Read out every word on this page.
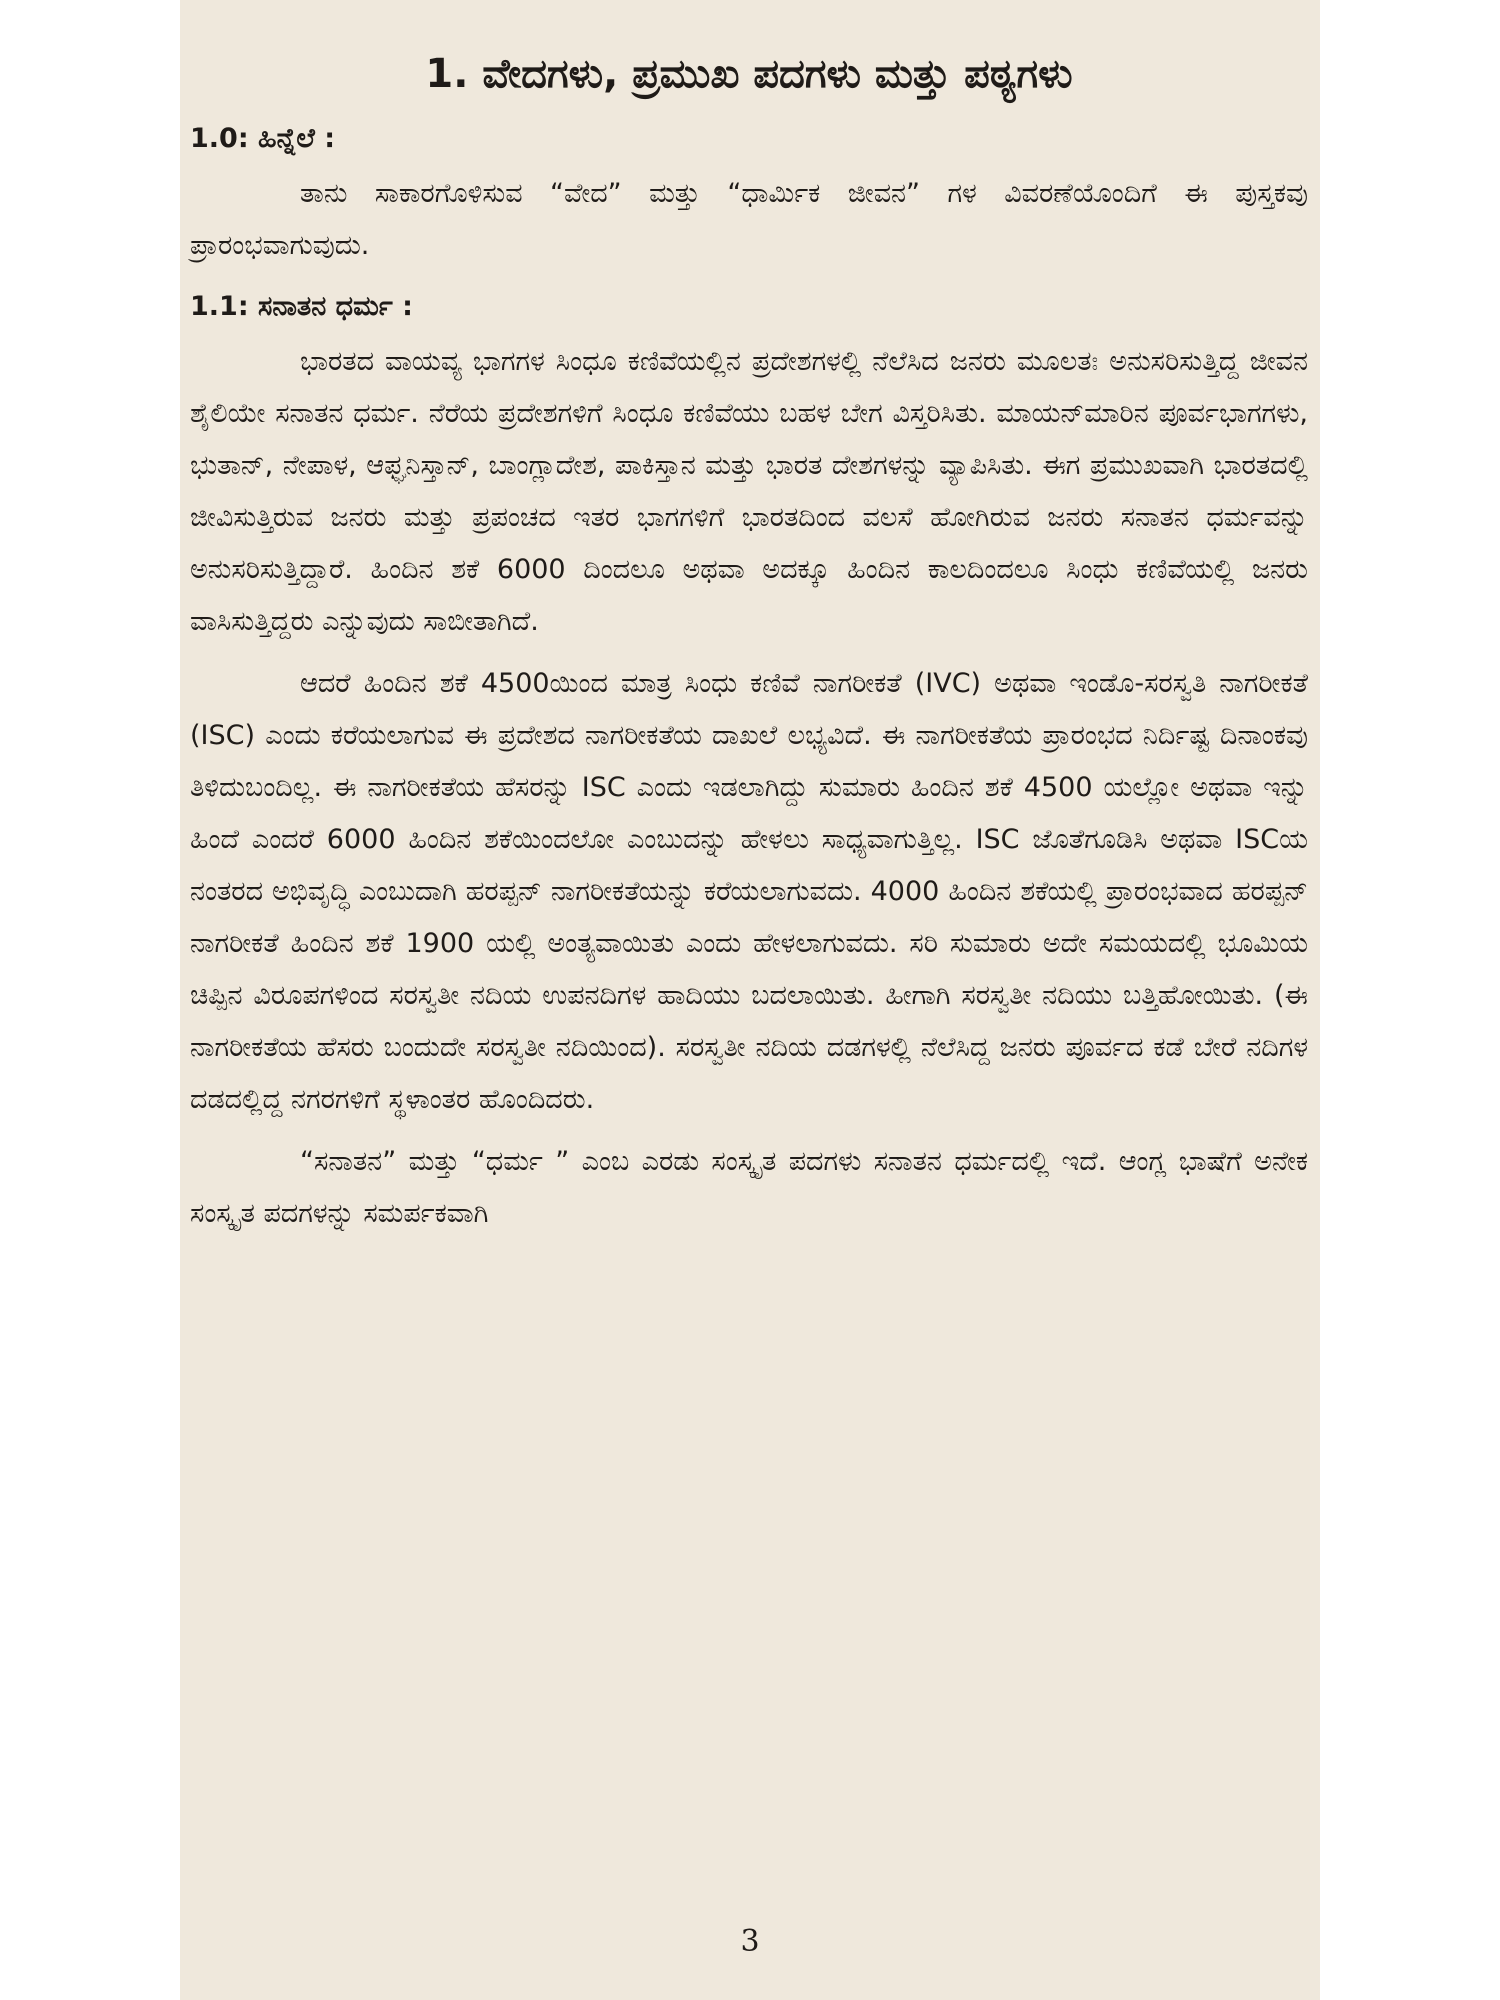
1. ವೇದಗಳು, ಪ್ರಮುಖ ಪದಗಳು ಮತ್ತು ಪಠ್ಯಗಳು
1.0: ಹಿನ್ನೆಲೆ :

ತಾನು ಸಾಕಾರಗೊಳಿಸುವ “ವೇದ” ಮತ್ತು “ಧಾರ್ಮಿಕ ಜೀವನ” ಗಳ ವಿವರಣೆಯೊಂದಿಗೆ ಈ ಪುಸ್ತಕವು ಪ್ರಾರಂಭವಾಗುವುದು.

1.1: ಸನಾತನ ಧರ್ಮ :

ಭಾರತದ ವಾಯವ್ಯ ಭಾಗಗಳ ಸಿಂಧೂ ಕಣಿವೆಯಲ್ಲಿನ ಪ್ರದೇಶಗಳಲ್ಲಿ ನೆಲೆಸಿದ ಜನರು ಮೂಲತಃ ಅನುಸರಿಸುತ್ತಿದ್ದ ಜೀವನ ಶೈಲಿಯೇ ಸನಾತನ ಧರ್ಮ. ನೆರೆಯ ಪ್ರದೇಶಗಳಿಗೆ ಸಿಂಧೂ ಕಣಿವೆಯು ಬಹಳ ಬೇಗ ವಿಸ್ತರಿಸಿತು. ಮಾಯನ್‌ಮಾರಿನ ಪೂರ್ವಭಾಗಗಳು, ಭುತಾನ್, ನೇಪಾಳ, ಆಫ್ಘನಿಸ್ತಾನ್, ಬಾಂಗ್ಲಾದೇಶ, ಪಾಕಿಸ್ತಾನ ಮತ್ತು ಭಾರತ ದೇಶಗಳನ್ನು ವ್ಯಾಪಿಸಿತು. ಈಗ ಪ್ರಮುಖವಾಗಿ ಭಾರತದಲ್ಲಿ ಜೀವಿಸುತ್ತಿರುವ ಜನರು ಮತ್ತು ಪ್ರಪಂಚದ ಇತರ ಭಾಗಗಳಿಗೆ ಭಾರತದಿಂದ ವಲಸೆ ಹೋಗಿರುವ ಜನರು ಸನಾತನ ಧರ್ಮವನ್ನು ಅನುಸರಿಸುತ್ತಿದ್ದಾರೆ. ಹಿಂದಿನ ಶಕೆ 6000 ದಿಂದಲೂ ಅಥವಾ ಅದಕ್ಕೂ ಹಿಂದಿನ ಕಾಲದಿಂದಲೂ ಸಿಂಧು ಕಣಿವೆಯಲ್ಲಿ ಜನರು ವಾಸಿಸುತ್ತಿದ್ದರು ಎನ್ನುವುದು ಸಾಬೀತಾಗಿದೆ.

ಆದರೆ ಹಿಂದಿನ ಶಕೆ 4500ಯಿಂದ ಮಾತ್ರ ಸಿಂಧು ಕಣಿವೆ ನಾಗರೀಕತೆ (IVC) ಅಥವಾ ಇಂಡೊ-ಸರಸ್ವತಿ ನಾಗರೀಕತೆ (ISC) ಎಂದು ಕರೆಯಲಾಗುವ ಈ ಪ್ರದೇಶದ ನಾಗರೀಕತೆಯ ದಾಖಲೆ ಲಭ್ಯವಿದೆ. ಈ ನಾಗರೀಕತೆಯ ಪ್ರಾರಂಭದ ನಿರ್ದಿಷ್ಟ ದಿನಾಂಕವು ತಿಳಿದುಬಂದಿಲ್ಲ. ಈ ನಾಗರೀಕತೆಯ ಹೆಸರನ್ನು ISC ಎಂದು ಇಡಲಾಗಿದ್ದು ಸುಮಾರು ಹಿಂದಿನ ಶಕೆ 4500 ಯಲ್ಲೋ ಅಥವಾ ಇನ್ನು ಹಿಂದೆ ಎಂದರೆ 6000 ಹಿಂದಿನ ಶಕೆಯಿಂದಲೋ ಎಂಬುದನ್ನು ಹೇಳಲು ಸಾಧ್ಯವಾಗುತ್ತಿಲ್ಲ. ISC ಜೊತೆಗೂಡಿಸಿ ಅಥವಾ ISCಯ ನಂತರದ ಅಭಿವೃದ್ಧಿ ಎಂಬುದಾಗಿ ಹರಪ್ಪನ್ ನಾಗರೀಕತೆಯನ್ನು ಕರೆಯಲಾಗುವದು. 4000 ಹಿಂದಿನ ಶಕೆಯಲ್ಲಿ ಪ್ರಾರಂಭವಾದ ಹರಪ್ಪನ್ ನಾಗರೀಕತೆ ಹಿಂದಿನ ಶಕೆ 1900 ಯಲ್ಲಿ ಅಂತ್ಯವಾಯಿತು ಎಂದು ಹೇಳಲಾಗುವದು. ಸರಿ ಸುಮಾರು ಅದೇ ಸಮಯದಲ್ಲಿ ಭೂಮಿಯ ಚಿಪ್ಪಿನ ವಿರೂಪಗಳಿಂದ ಸರಸ್ವತೀ ನದಿಯ ಉಪನದಿಗಳ ಹಾದಿಯು ಬದಲಾಯಿತು. ಹೀಗಾಗಿ ಸರಸ್ವತೀ ನದಿಯು ಬತ್ತಿಹೋಯಿತು. (ಈ ನಾಗರೀಕತೆಯ ಹೆಸರು ಬಂದುದೇ ಸರಸ್ವತೀ ನದಿಯಿಂದ). ಸರಸ್ವತೀ ನದಿಯ ದಡಗಳಲ್ಲಿ ನೆಲೆಸಿದ್ದ ಜನರು ಪೂರ್ವದ ಕಡೆ ಬೇರೆ ನದಿಗಳ ದಡದಲ್ಲಿದ್ದ ನಗರಗಳಿಗೆ ಸ್ಥಳಾಂತರ ಹೊಂದಿದರು.

“ಸನಾತನ” ಮತ್ತು “ಧರ್ಮ ” ಎಂಬ ಎರಡು ಸಂಸ್ಕೃತ ಪದಗಳು ಸನಾತನ ಧರ್ಮದಲ್ಲಿ ಇದೆ. ಆಂಗ್ಲ ಭಾಷೆಗೆ ಅನೇಕ ಸಂಸ್ಕೃತ ಪದಗಳನ್ನು ಸಮರ್ಪಕವಾಗಿ

3
